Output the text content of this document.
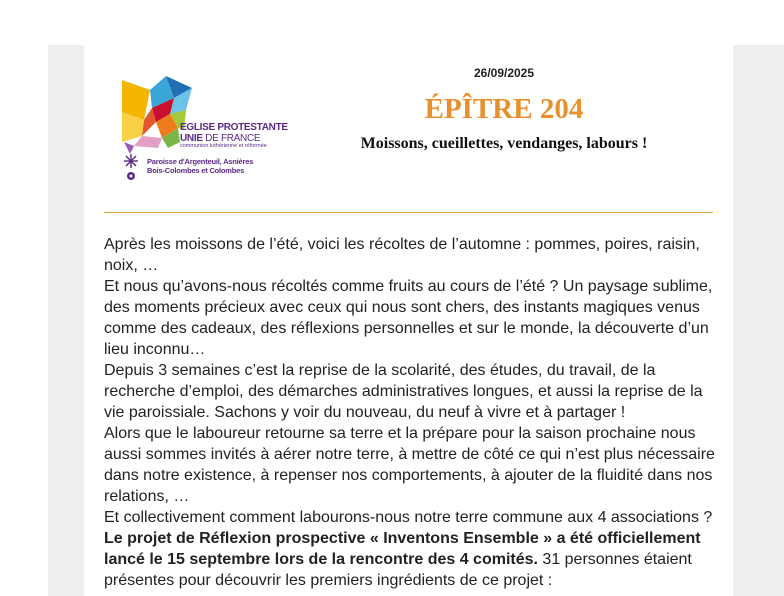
EGLISE PROTESTANTE
UNIE DE FRANCE
communion luthérienne et réformée
Paroisse d'Argenteuil, Asnières
Bois-Colombes et Colombes
26/09/2025
ÉPÎTRE 204
Moissons, cueillettes, vendanges, labours !

Après les moissons de l’été, voici les récoltes de l’automne : pommes, poires, raisin, noix, …

Et nous qu’avons-nous récoltés comme fruits au cours de l’été ? Un paysage sublime, des moments précieux avec ceux qui nous sont chers, des instants magiques venus comme des cadeaux, des réflexions personnelles et sur le monde, la découverte d’un lieu inconnu…

Depuis 3 semaines c’est la reprise de la scolarité, des études, du travail, de la recherche d’emploi, des démarches administratives longues, et aussi la reprise de la vie paroissiale. Sachons y voir du nouveau, du neuf à vivre et à partager !

Alors que le laboureur retourne sa terre et la prépare pour la saison prochaine nous aussi sommes invités à aérer notre terre, à mettre de côté ce qui n’est plus nécessaire dans notre existence, à repenser nos comportements, à ajouter de la fluidité dans nos relations, …

Et collectivement comment labourons-nous notre terre commune aux 4 associations ? Le projet de Réflexion prospective « Inventons Ensemble » a été officiellement lancé le 15 septembre lors de la rencontre des 4 comités. 31 personnes étaient présentes pour découvrir les premiers ingrédients de ce projet :
